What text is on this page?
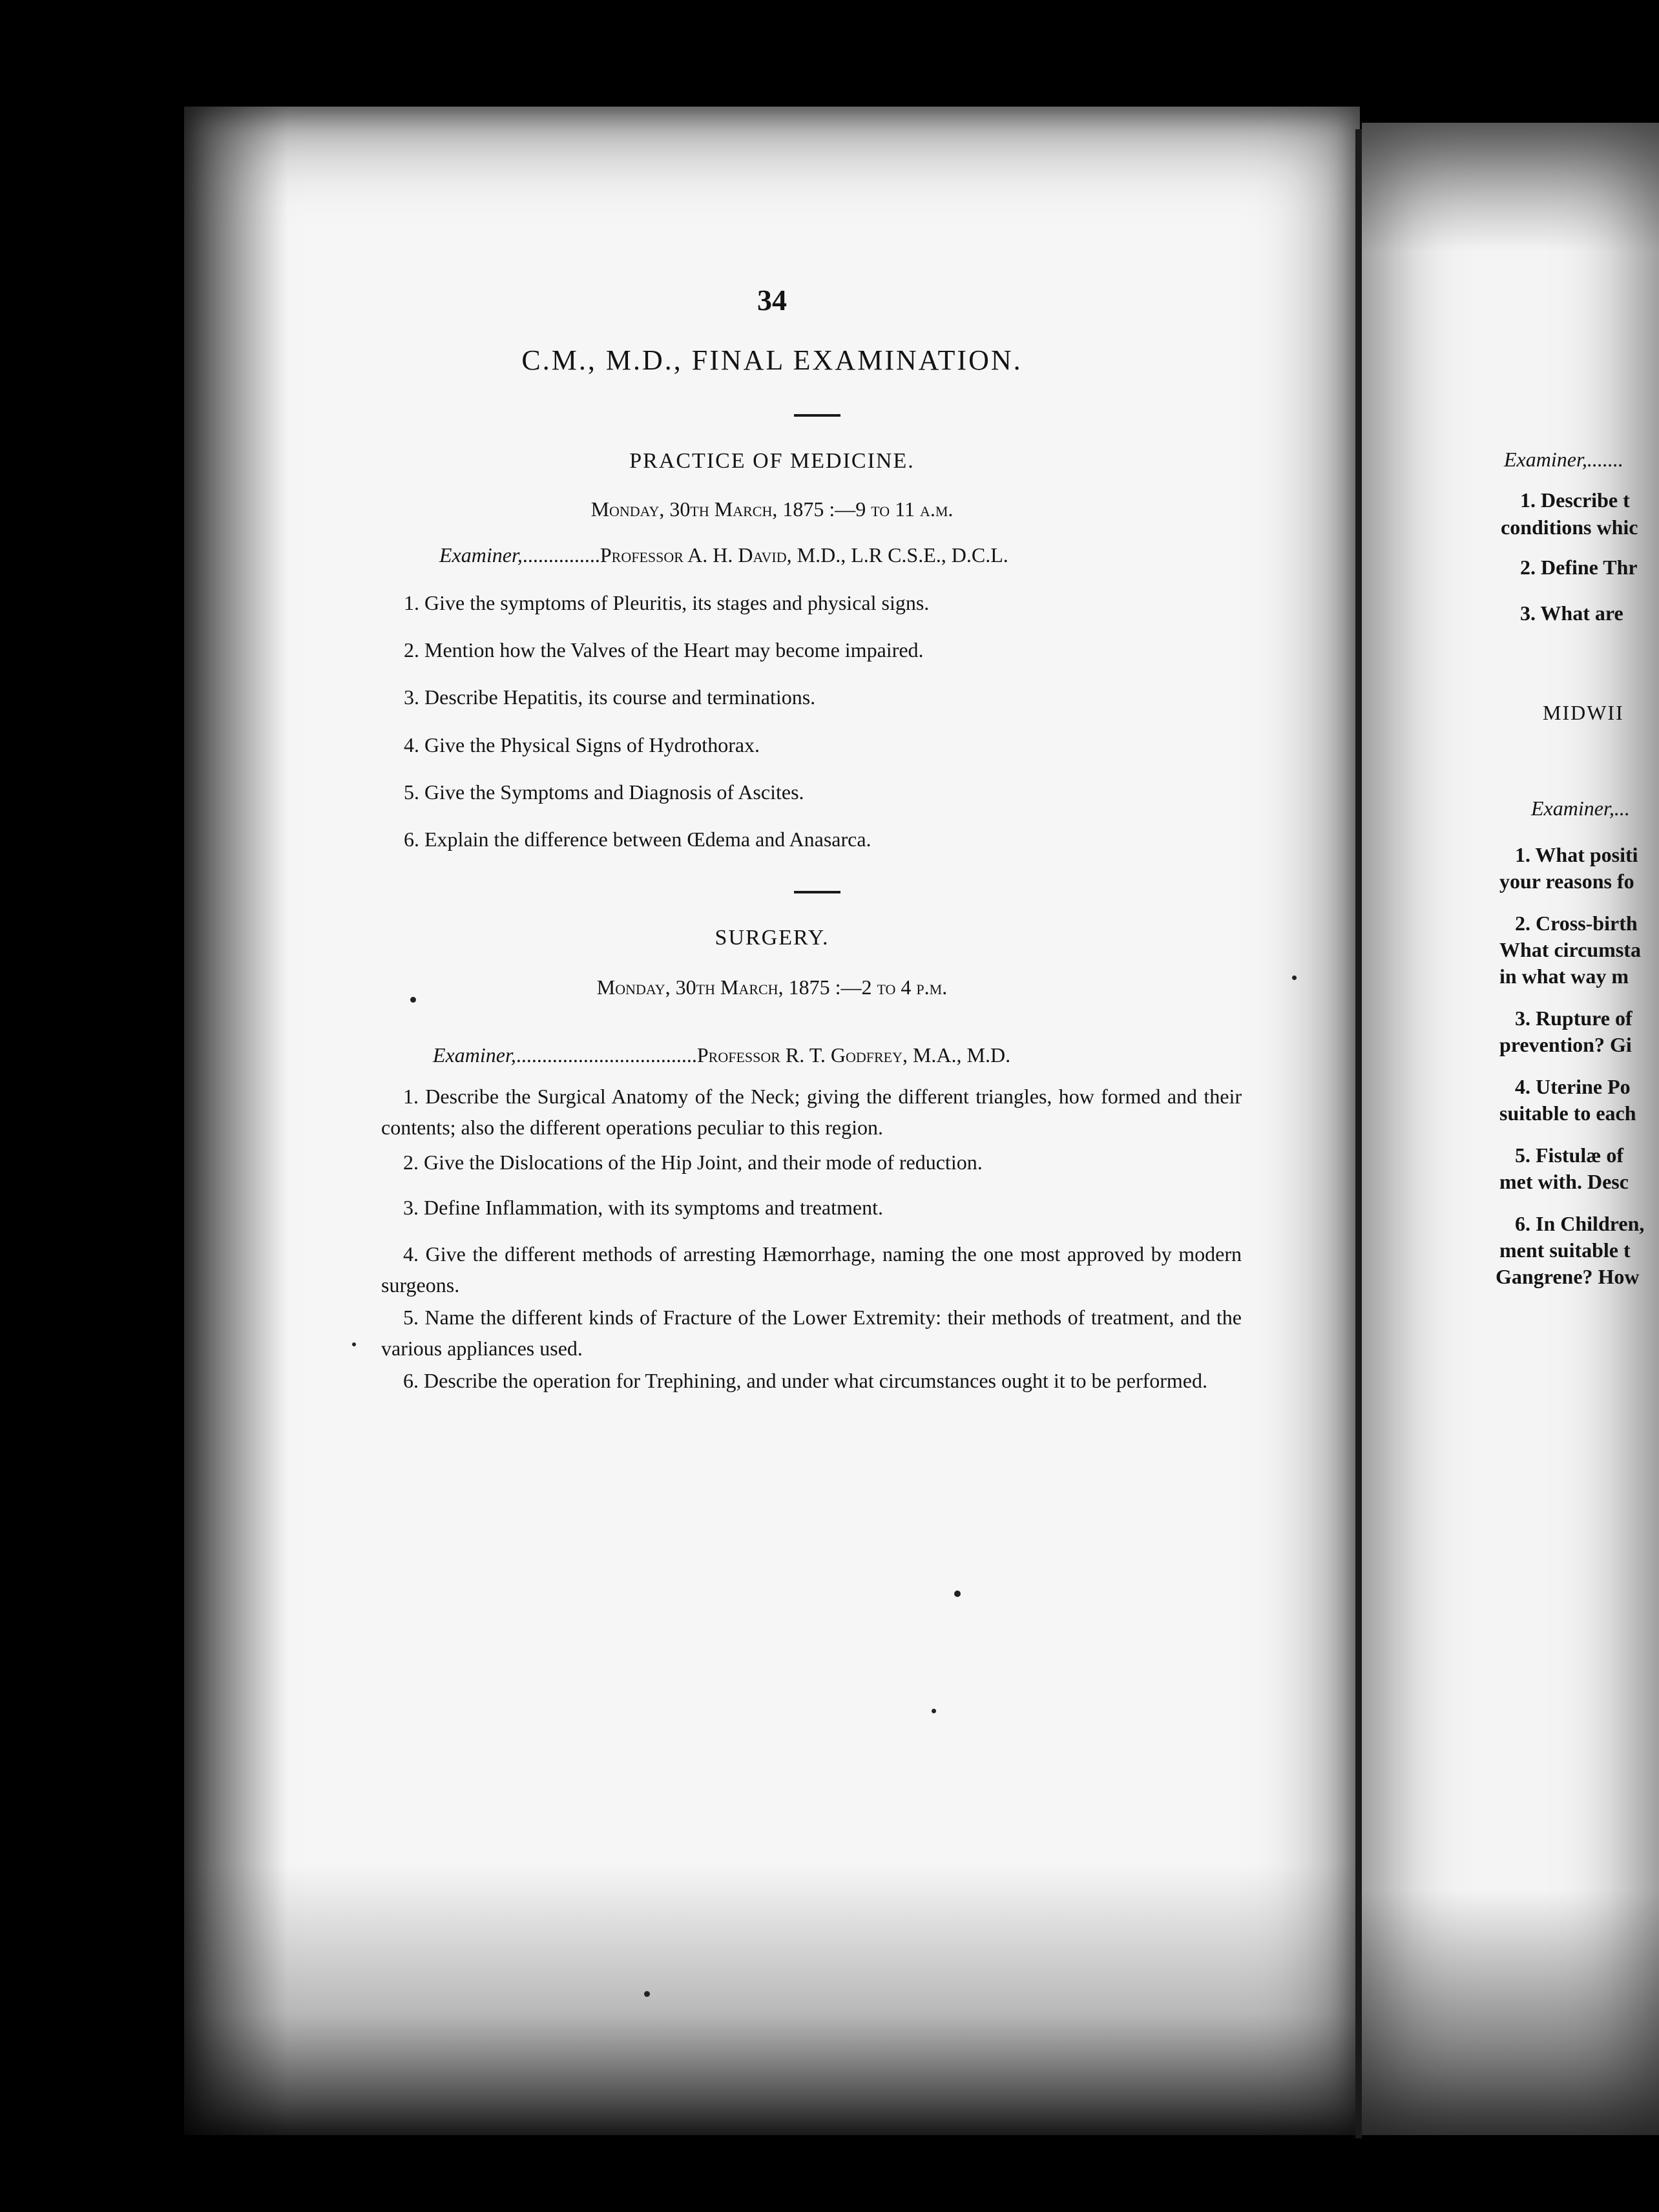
34
C.M., M.D., FINAL EXAMINATION.
PRACTICE OF MEDICINE.
Monday, 30th March, 1875 :—9 to 11 a.m.
Examiner,...............Professor A. H. David, M.D., L.R C.S.E., D.C.L.
1. Give the symptoms of Pleuritis, its stages and physical signs.
2. Mention how the Valves of the Heart may become impaired.
3. Describe Hepatitis, its course and terminations.
4. Give the Physical Signs of Hydrothorax.
5. Give the Symptoms and Diagnosis of Ascites.
6. Explain the difference between Œdema and Anasarca.
SURGERY.
Monday, 30th March, 1875 :—2 to 4 p.m.
Examiner,...................................Professor R. T. Godfrey, M.A., M.D.
1. Describe the Surgical Anatomy of the Neck; giving the different triangles, how formed and their contents; also the different operations peculiar to this region.
2. Give the Dislocations of the Hip Joint, and their mode of reduction.
3. Define Inflammation, with its symptoms and treatment.
4. Give the different methods of arresting Hæmorrhage, naming the one most approved by modern surgeons.
5. Name the different kinds of Fracture of the Lower Extremity: their methods of treatment, and the various appliances used.
6. Describe the operation for Trephining, and under what circumstances ought it to be performed.
Examiner,.......
1. Describe t
conditions whic
2. Define Thr
3. What are
MIDWII
Examiner,...
1. What positi
your reasons fo
2. Cross-birth
What circumsta
in what way m
3. Rupture of
prevention? Gi
4. Uterine Po
suitable to each
5. Fistulæ of
met with. Desc
6. In Children,
ment suitable t
Gangrene? How
